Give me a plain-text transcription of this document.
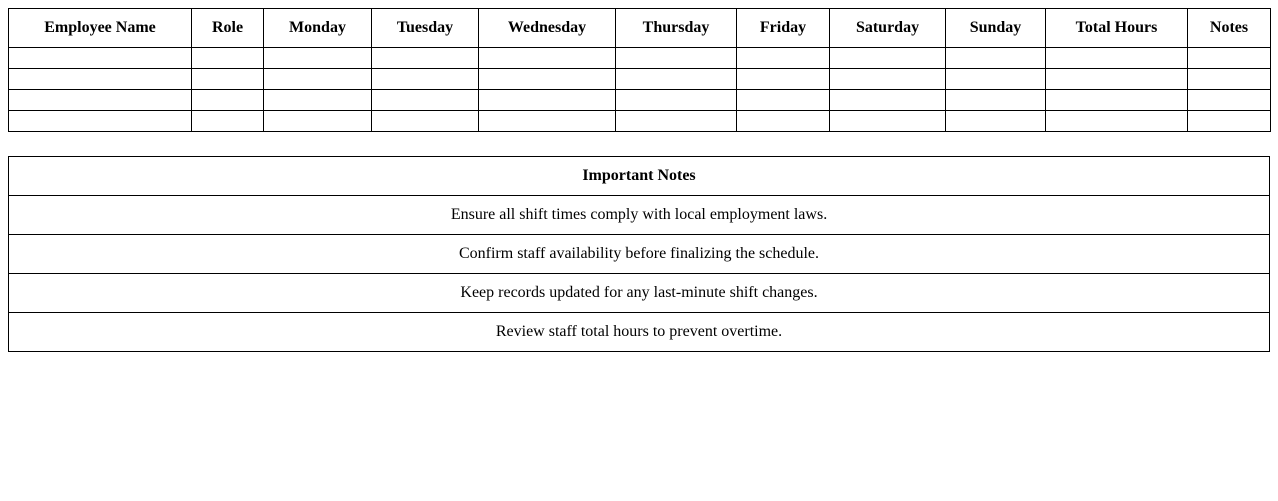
Employee Name	Role	Monday	Tuesday	Wednesday	Thursday	Friday	Saturday	Sunday	Total Hours	Notes

Important Notes
Ensure all shift times comply with local employment laws.
Confirm staff availability before finalizing the schedule.
Keep records updated for any last-minute shift changes.
Review staff total hours to prevent overtime.
